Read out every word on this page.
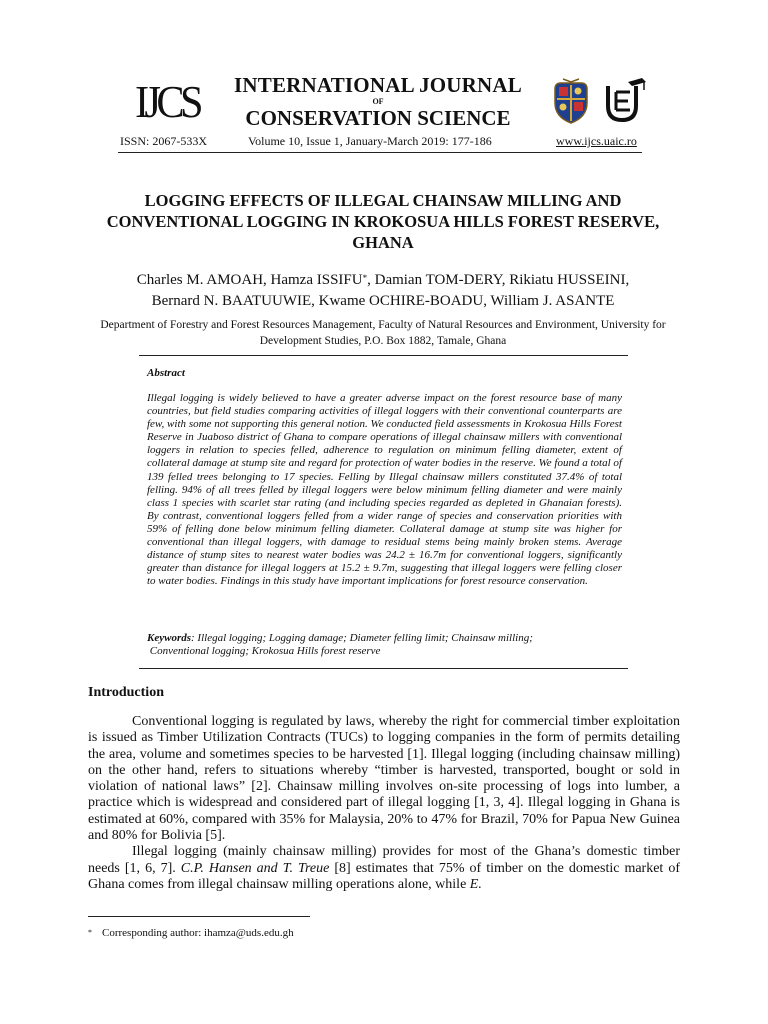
IJCS	INTERNATIONAL JOURNAL
OF
CONSERVATION SCIENCE
ISSN: 2067-533X	Volume 10, Issue 1, January-March 2019: 177-186	www.ijcs.uaic.ro
LOGGING EFFECTS OF ILLEGAL CHAINSAW MILLING AND CONVENTIONAL LOGGING IN KROKOSUA HILLS FOREST RESERVE, GHANA
Charles M. AMOAH, Hamza ISSIFU*, Damian TOM-DERY, Rikiatu HUSSEINI,
Bernard N. BAATUUWIE, Kwame OCHIRE-BOADU, William J. ASANTE
Department of Forestry and Forest Resources Management, Faculty of Natural Resources and Environment, University for Development Studies, P.O. Box 1882, Tamale, Ghana
Abstract
Illegal logging is widely believed to have a greater adverse impact on the forest resource base of many countries, but field studies comparing activities of illegal loggers with their conventional counterparts are few, with some not supporting this general notion. We conducted field assessments in Krokosua Hills Forest Reserve in Juaboso district of Ghana to compare operations of illegal chainsaw millers with conventional loggers in relation to species felled, adherence to regulation on minimum felling diameter, extent of collateral damage at stump site and regard for protection of water bodies in the reserve. We found a total of 139 felled trees belonging to 17 species. Felling by Illegal chainsaw millers constituted 37.4% of total felling. 94% of all trees felled by illegal loggers were below minimum felling diameter and were mainly class 1 species with scarlet star rating (and including species regarded as depleted in Ghanaian forests). By contrast, conventional loggers felled from a wider range of species and conservation priorities with 59% of felling done below minimum felling diameter. Collateral damage at stump site was higher for conventional than illegal loggers, with damage to residual stems being mainly broken stems. Average distance of stump sites to nearest water bodies was 24.2 ± 16.7m for conventional loggers, significantly greater than distance for illegal loggers at 15.2 ± 9.7m, suggesting that illegal loggers were felling closer to water bodies. Findings in this study have important implications for forest resource conservation.
Keywords: Illegal logging; Logging damage; Diameter felling limit; Chainsaw milling;
Conventional logging; Krokosua Hills forest reserve
Introduction

Conventional logging is regulated by laws, whereby the right for commercial timber exploitation is issued as Timber Utilization Contracts (TUCs) to logging companies in the form of permits detailing the area, volume and sometimes species to be harvested [1]. Illegal logging (including chainsaw milling) on the other hand, refers to situations whereby “timber is harvested, transported, bought or sold in violation of national laws” [2]. Chainsaw milling involves on-site processing of logs into lumber, a practice which is widespread and considered part of illegal logging [1, 3, 4]. Illegal logging in Ghana is estimated at 60%, compared with 35% for Malaysia, 20% to 47% for Brazil, 70% for Papua New Guinea and 80% for Bolivia [5].

Illegal logging (mainly chainsaw milling) provides for most of the Ghana’s domestic timber needs [1, 6, 7]. C.P. Hansen and T. Treue [8] estimates that 75% of timber on the domestic market of Ghana comes from illegal chainsaw milling operations alone, while E.

* Corresponding author: ihamza@uds.edu.gh
